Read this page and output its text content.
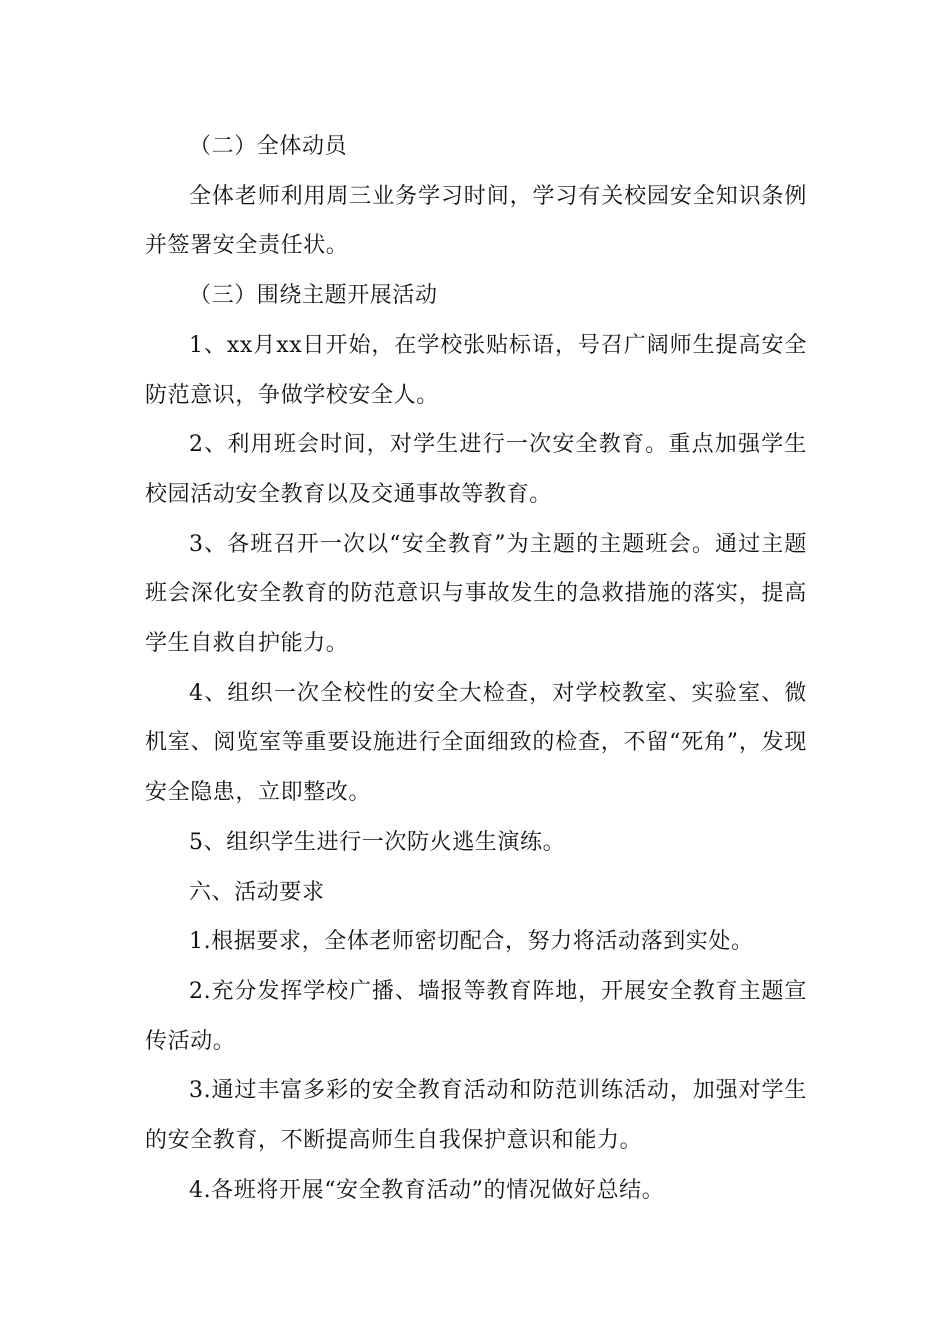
（二）全体动员

全体老师利用周三业务学习时间，学习有关校园安全知识条例并签署安全责任状。

（三）围绕主题开展活动

1、xx月xx日开始，在学校张贴标语，号召广阔师生提高安全防范意识，争做学校安全人。

2、利用班会时间，对学生进行一次安全教育。重点加强学生校园活动安全教育以及交通事故等教育。

3、各班召开一次以“安全教育”为主题的主题班会。通过主题班会深化安全教育的防范意识与事故发生的急救措施的落实，提高学生自救自护能力。

4、组织一次全校性的安全大检查，对学校教室、实验室、微机室、阅览室等重要设施进行全面细致的检查，不留“死角”，发现安全隐患，立即整改。

5、组织学生进行一次防火逃生演练。

六、活动要求

1.根据要求，全体老师密切配合，努力将活动落到实处。

2.充分发挥学校广播、墙报等教育阵地，开展安全教育主题宣传活动。

3.通过丰富多彩的安全教育活动和防范训练活动，加强对学生的安全教育，不断提高师生自我保护意识和能力。

4.各班将开展“安全教育活动”的情况做好总结。
